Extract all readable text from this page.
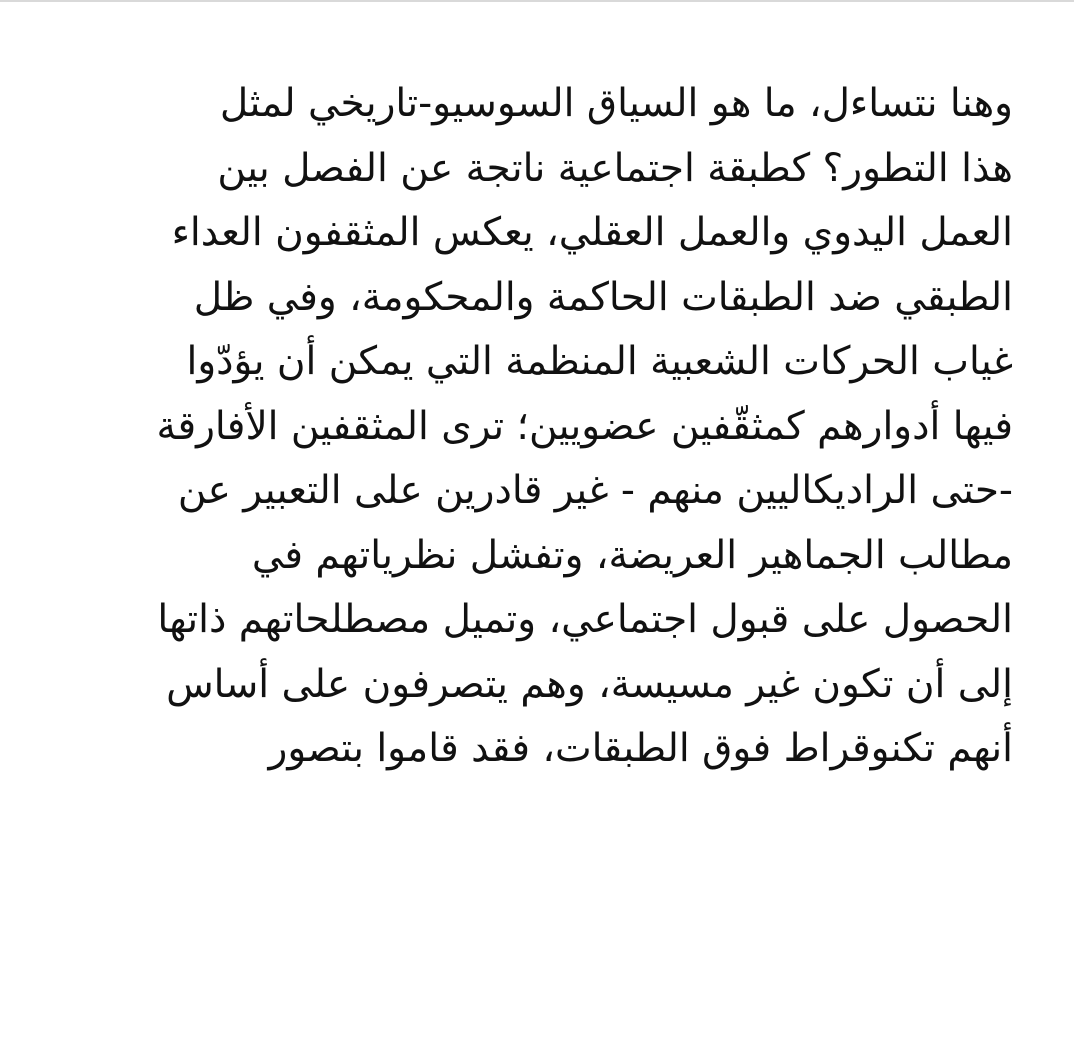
وهنا نتساءل، ما هو السياق السوسيو-تاريخي لمثل
هذا التطور؟ كطبقة اجتماعية ناتجة عن الفصل بين
العمل اليدوي والعمل العقلي، يعكس المثقفون العداء
الطبقي ضد الطبقات الحاكمة والمحكومة، وفي ظل
غياب الحركات الشعبية المنظمة التي يمكن أن يؤدّوا
فيها أدوارهم كمثقّفين عضويين؛ ترى المثقفين الأفارقة
-حتى الراديكاليين منهم - غير قادرين على التعبير عن
مطالب الجماهير العريضة، وتفشل نظرياتهم في
الحصول على قبول اجتماعي، وتميل مصطلحاتهم ذاتها
إلى أن تكون غير مسيسة، وهم يتصرفون على أساس
أنهم تكنوقراط فوق الطبقات، فقد قاموا بتصور
